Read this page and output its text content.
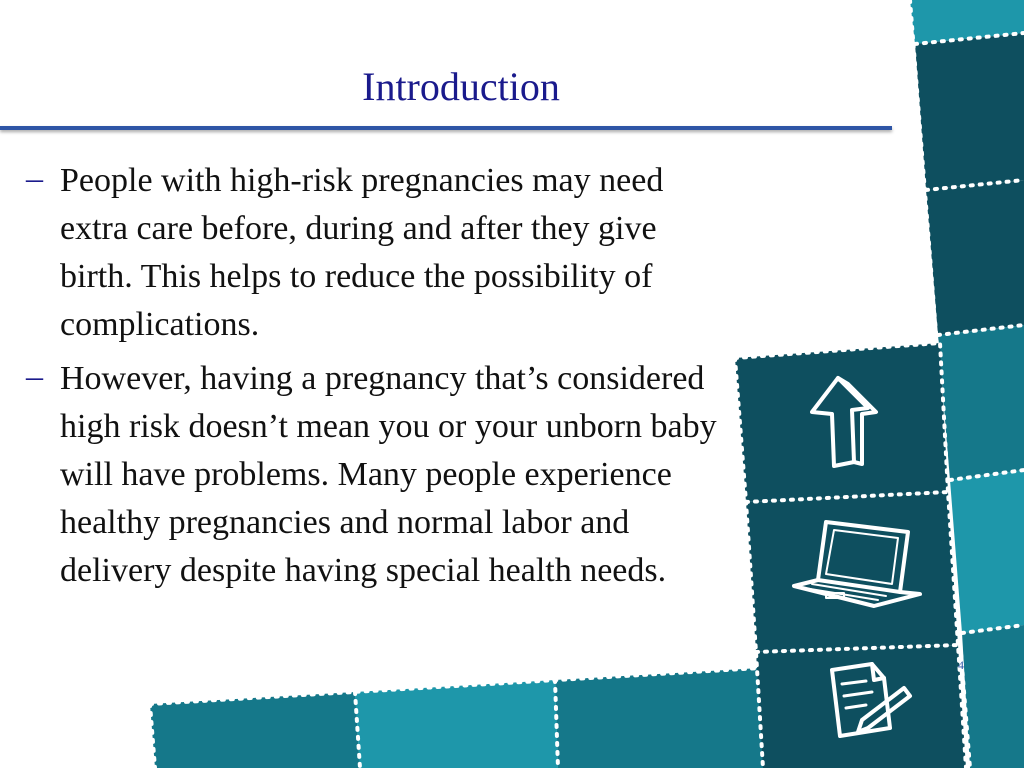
Introduction
– People with high-risk pregnancies may need extra care before, during and after they give birth. This helps to reduce the possibility of complications.
– However, having a pregnancy that’s considered high risk doesn’t mean you or your unborn baby will have problems. Many people experience healthy pregnancies and normal labor and delivery despite having special health needs.
4
